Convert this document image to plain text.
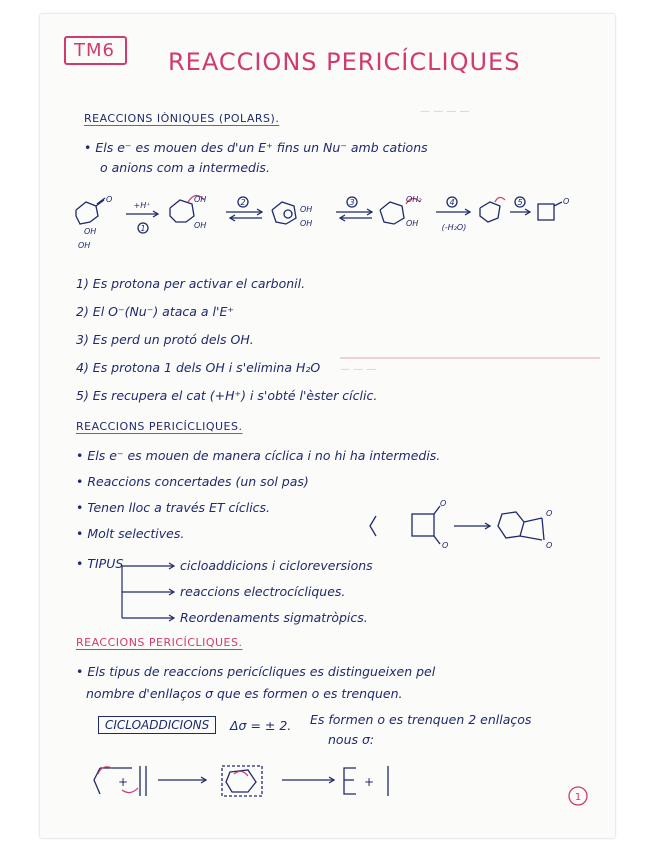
TM6	REACCIONS PERICÍCLIQUES
— — — —
— — —
REACCIONS IÒNIQUES (POLARS).
• Els e⁻ es mouen des d'un E⁺ fins un Nu⁻ amb cations
o anions com a intermedis.
OH
OH
O	OH
OH
OH
OH
OH₂
OH
O
+H⁺
1
2	3	4	5
(-H₂O)
1) Es protona per activar el carbonil.
2) El O⁻(Nu⁻) ataca a l'E⁺
3) Es perd un protó dels OH.
4) Es protona 1 dels OH i s'elimina H₂O
5) Es recupera el cat (+H⁺) i s'obté l'èster cíclic.
REACCIONS PERICÍCLIQUES.
• Els e⁻ es mouen de manera cíclica i no hi ha intermedis.
• Reaccions concertades (un sol pas)
• Tenen lloc a través ET cíclics.
• Molt selectives.
O
O
O
O
• TIPUS	cicloaddicions i cicloreversions
reaccions electrocícliques.
Reordenaments sigmatròpics.
REACCIONS PERICÍCLIQUES.
• Els tipus de reaccions pericícliques es distingueixen pel
nombre d'enllaços σ que es formen o es trenquen.
CICLOADDICIONS	Δσ = ± 2. Es formen o es trenquen 2 enllaços
nous σ:
+	+
1
